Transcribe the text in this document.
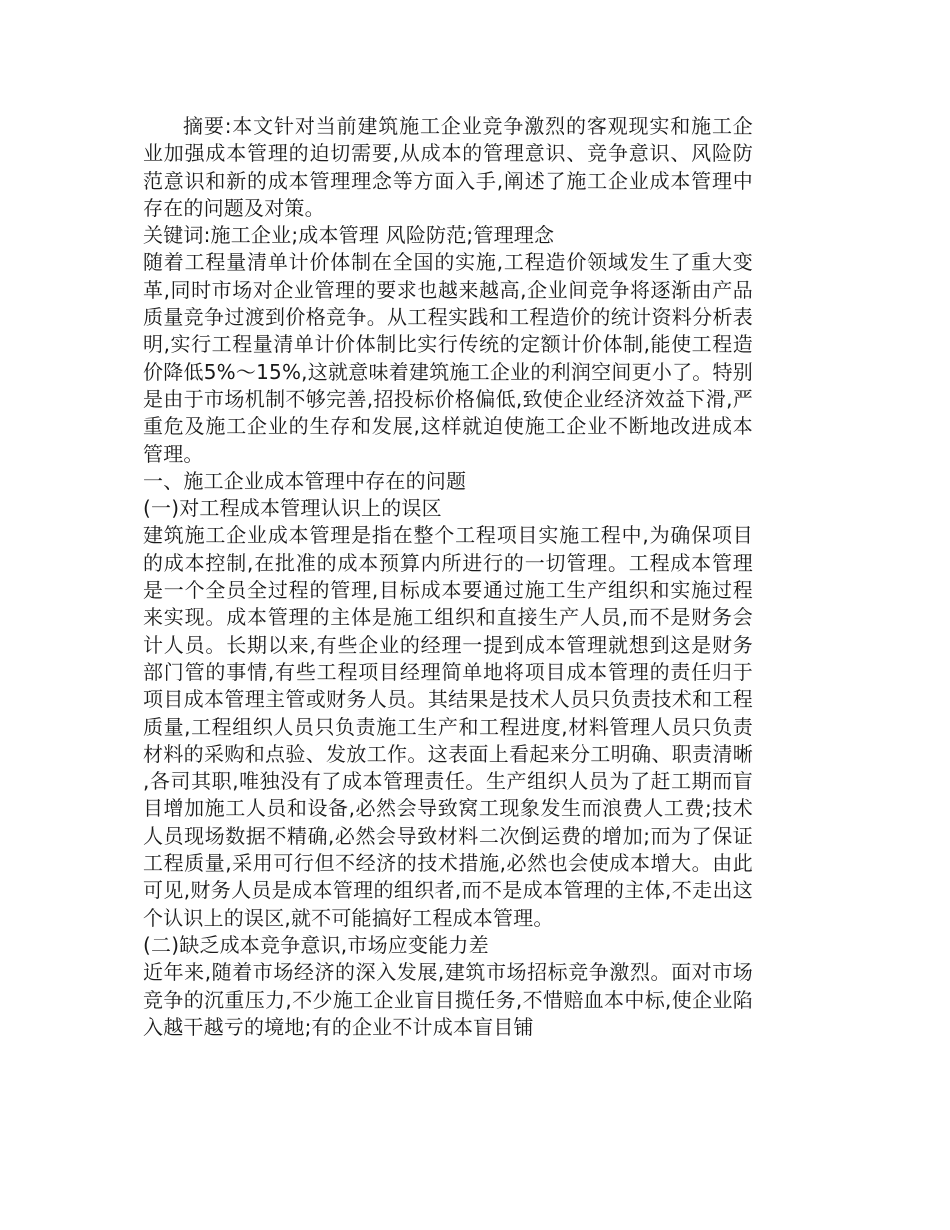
摘要:本文针对当前建筑施工企业竞争激烈的客观现实和施工企业加强成本管理的迫切需要,从成本的管理意识、竞争意识、风险防范意识和新的成本管理理念等方面入手,阐述了施工企业成本管理中存在的问题及对策。

关键词:施工企业;成本管理 风险防范;管理理念

随着工程量清单计价体制在全国的实施,工程造价领域发生了重大变革,同时市场对企业管理的要求也越来越高,企业间竞争将逐渐由产品质量竞争过渡到价格竞争。从工程实践和工程造价的统计资料分析表明,实行工程量清单计价体制比实行传统的定额计价体制,能使工程造价降低5%～15%,这就意味着建筑施工企业的利润空间更小了。特别是由于市场机制不够完善,招投标价格偏低,致使企业经济效益下滑,严重危及施工企业的生存和发展,这样就迫使施工企业不断地改进成本管理。

一、施工企业成本管理中存在的问题

(一)对工程成本管理认识上的误区

建筑施工企业成本管理是指在整个工程项目实施工程中,为确保项目的成本控制,在批准的成本预算内所进行的一切管理。工程成本管理是一个全员全过程的管理,目标成本要通过施工生产组织和实施过程来实现。成本管理的主体是施工组织和直接生产人员,而不是财务会计人员。长期以来,有些企业的经理一提到成本管理就想到这是财务部门管的事情,有些工程项目经理简单地将项目成本管理的责任归于项目成本管理主管或财务人员。其结果是技术人员只负责技术和工程质量,工程组织人员只负责施工生产和工程进度,材料管理人员只负责材料的采购和点验、发放工作。这表面上看起来分工明确、职责清晰,各司其职,唯独没有了成本管理责任。生产组织人员为了赶工期而盲目增加施工人员和设备,必然会导致窝工现象发生而浪费人工费;技术人员现场数据不精确,必然会导致材料二次倒运费的增加;而为了保证工程质量,采用可行但不经济的技术措施,必然也会使成本增大。由此可见,财务人员是成本管理的组织者,而不是成本管理的主体,不走出这个认识上的误区,就不可能搞好工程成本管理。

(二)缺乏成本竞争意识,市场应变能力差

近年来,随着市场经济的深入发展,建筑市场招标竞争激烈。面对市场竞争的沉重压力,不少施工企业盲目揽任务,不惜赔血本中标,使企业陷入越干越亏的境地;有的企业不计成本盲目铺
